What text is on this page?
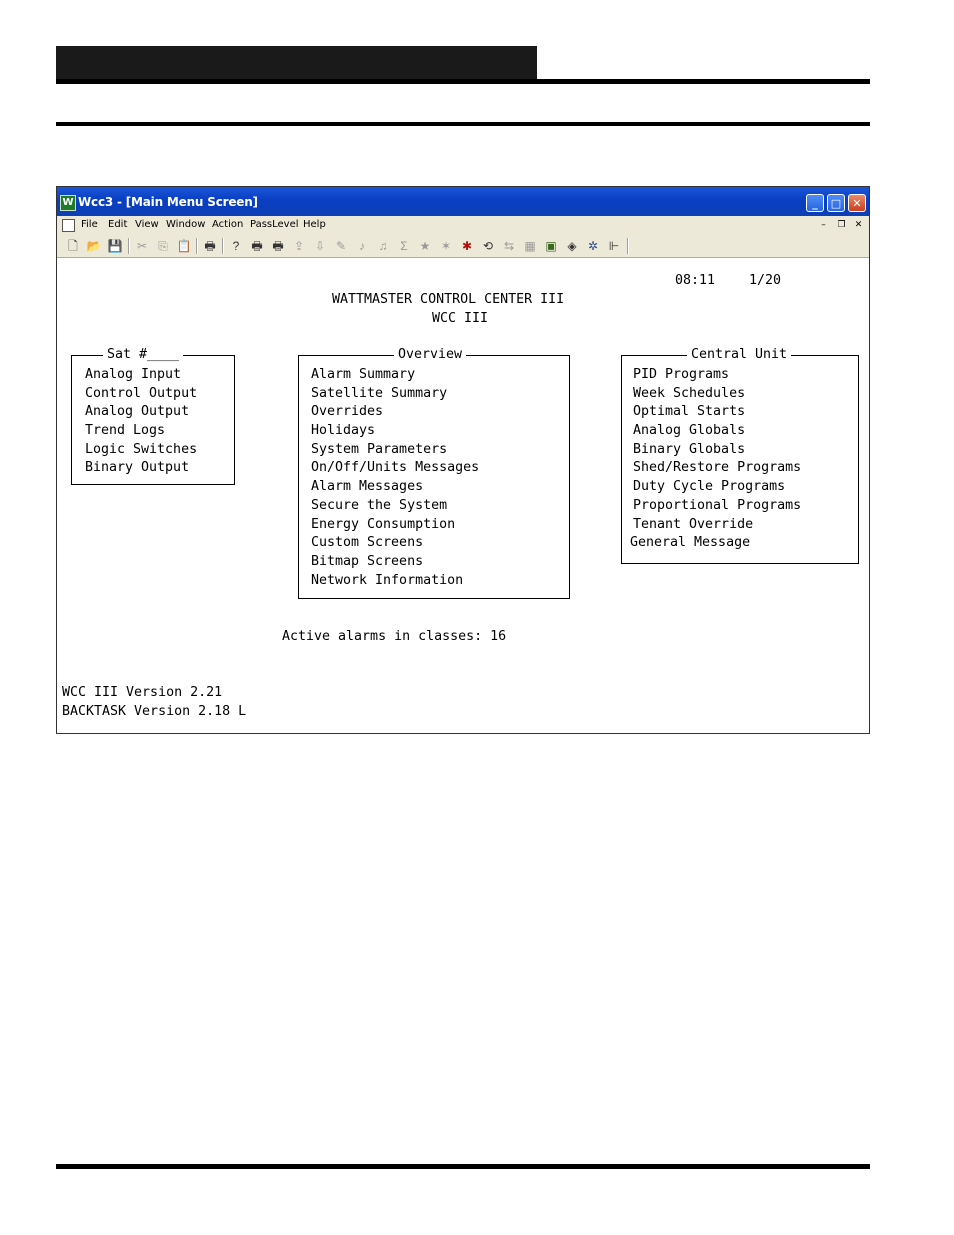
W Wcc3 - [Main Menu Screen]	_	□	✕
File Edit View Window Action PassLevel Help	–	❐	✕
🗋 📂 💾 ✂ ⎘ 📋 🖶	? 🖶 🖶 ⇪ ⇩ ✎	♪	♫	Σ ★ ✶ ✱ ⟲ ⇆ ▦ ▣ ◈ ✲ ⊩
08:11	1/20
WATTMASTER CONTROL CENTER III
WCC III
Sat #____
Analog Input
Control Output
Analog Output
Trend Logs
Logic Switches
Binary Output
Overview
Alarm Summary
Satellite Summary
Overrides
Holidays
System Parameters
On/Off/Units Messages
Alarm Messages
Secure the System
Energy Consumption
Custom Screens
Bitmap Screens
Network Information
Central Unit
PID Programs
Week Schedules
Optimal Starts
Analog Globals
Binary Globals
Shed/Restore Programs
Duty Cycle Programs
Proportional Programs
Tenant Override
General Message
Active alarms in classes: 16
WCC III Version 2.21
BACKTASK Version 2.18 L
